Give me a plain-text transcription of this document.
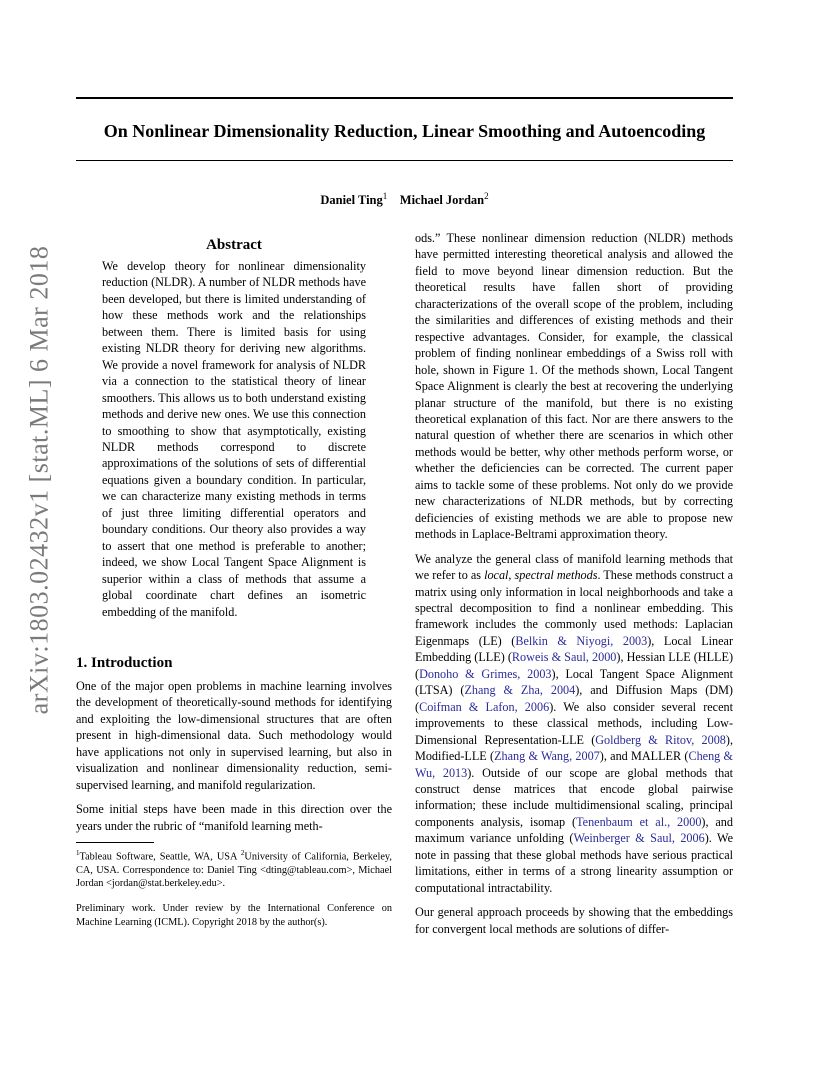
On Nonlinear Dimensionality Reduction, Linear Smoothing and Autoencoding
Daniel Ting$^1$ Michael Jordan$^2$
arXiv:1803.02432v1 [stat.ML] 6 Mar 2018
Abstract

We develop theory for nonlinear dimensionality reduction (NLDR). A number of NLDR methods have been developed, but there is limited understanding of how these methods work and the relationships between them. There is limited basis for using existing NLDR theory for deriving new algorithms. We provide a novel framework for analysis of NLDR via a connection to the statistical theory of linear smoothers. This allows us to both understand existing methods and derive new ones. We use this connection to smoothing to show that asymptotically, existing NLDR methods correspond to discrete approximations of the solutions of sets of differential equations given a boundary condition. In particular, we can characterize many existing methods in terms of just three limiting differential operators and boundary conditions. Our theory also provides a way to assert that one method is preferable to another; indeed, we show Local Tangent Space Alignment is superior within a class of methods that assume a global coordinate chart defines an isometric embedding of the manifold.

1. Introduction

One of the major open problems in machine learning involves the development of theoretically-sound methods for identifying and exploiting the low-dimensional structures that are often present in high-dimensional data. Such methodology would have applications not only in supervised learning, but also in visualization and nonlinear dimensionality reduction, semi-supervised learning, and manifold regularization.

Some initial steps have been made in this direction over the years under the rubric of “manifold learning meth-

$^1$Tableau Software, Seattle, WA, USA $^2$University of California, Berkeley, CA, USA. Correspondence to: Daniel Ting <dting@tableau.com>, Michael Jordan <jordan@stat.berkeley.edu>.

Preliminary work. Under review by the International Conference on Machine Learning (ICML). Copyright 2018 by the author(s).

ods.” These nonlinear dimension reduction (NLDR) methods have permitted interesting theoretical analysis and allowed the field to move beyond linear dimension reduction. But the theoretical results have fallen short of providing characterizations of the overall scope of the problem, including the similarities and differences of existing methods and their respective advantages. Consider, for example, the classical problem of finding nonlinear embeddings of a Swiss roll with hole, shown in Figure 1. Of the methods shown, Local Tangent Space Alignment is clearly the best at recovering the underlying planar structure of the manifold, but there is no existing theoretical explanation of this fact. Nor are there answers to the natural question of whether there are scenarios in which other methods would be better, why other methods perform worse, or whether the deficiencies can be corrected. The current paper aims to tackle some of these problems. Not only do we provide new characterizations of NLDR methods, but by correcting deficiencies of existing methods we are able to propose new methods in Laplace-Beltrami approximation theory.

We analyze the general class of manifold learning methods that we refer to as local, spectral methods. These methods construct a matrix using only information in local neighborhoods and take a spectral decomposition to find a nonlinear embedding. This framework includes the commonly used methods: Laplacian Eigenmaps (LE) (Belkin & Niyogi, 2003), Local Linear Embedding (LLE) (Roweis & Saul, 2000), Hessian LLE (HLLE) (Donoho & Grimes, 2003), Local Tangent Space Alignment (LTSA) (Zhang & Zha, 2004), and Diffusion Maps (DM) (Coifman & Lafon, 2006). We also consider several recent improvements to these classical methods, including Low-Dimensional Representation-LLE (Goldberg & Ritov, 2008), Modified-LLE (Zhang & Wang, 2007), and MALLER (Cheng & Wu, 2013). Outside of our scope are global methods that construct dense matrices that encode global pairwise information; these include multidimensional scaling, principal components analysis, isomap (Tenenbaum et al., 2000), and maximum variance unfolding (Weinberger & Saul, 2006). We note in passing that these global methods have serious practical limitations, either in terms of a strong linearity assumption or computational intractability.

Our general approach proceeds by showing that the embeddings for convergent local methods are solutions of differ-
